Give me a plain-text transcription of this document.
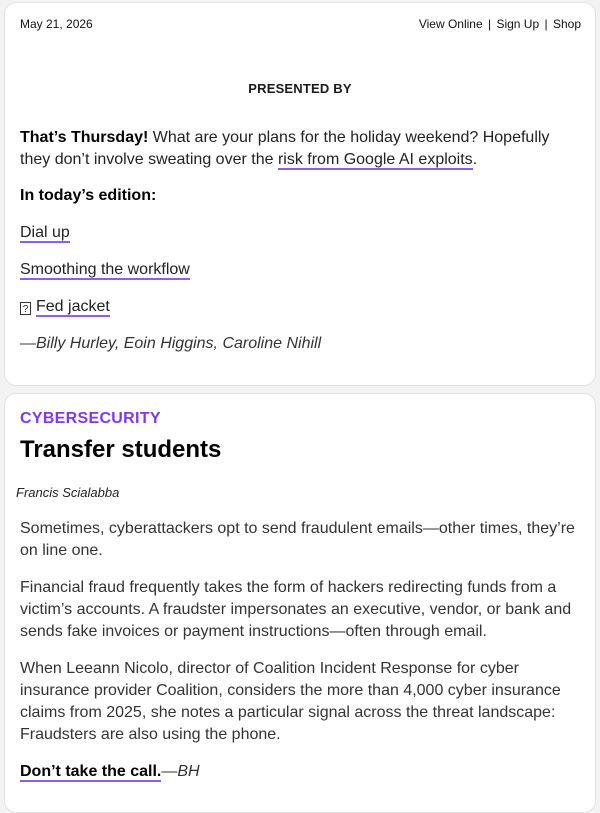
May 21, 2026	View Online | Sign Up | Shop
PRESENTED BY
That’s Thursday! What are your plans for the holiday weekend? Hopefully they don’t involve sweating over the risk from Google AI exploits.
In today’s edition:
Dial up
Smoothing the workflow
? Fed jacket
—Billy Hurley, Eoin Higgins, Caroline Nihill
CYBERSECURITY
Transfer students
Francis Scialabba

Sometimes, cyberattackers opt to send fraudulent emails—other times, they’re on line one.

Financial fraud frequently takes the form of hackers redirecting funds from a victim’s accounts. A fraudster impersonates an executive, vendor, or bank and sends fake invoices or payment instructions—often through email.

When Leeann Nicolo, director of Coalition Incident Response for cyber insurance provider Coalition, considers the more than 4,000 cyber insurance claims from 2025, she notes a particular signal across the threat landscape: Fraudsters are also using the phone.

Don’t take the call.—BH
